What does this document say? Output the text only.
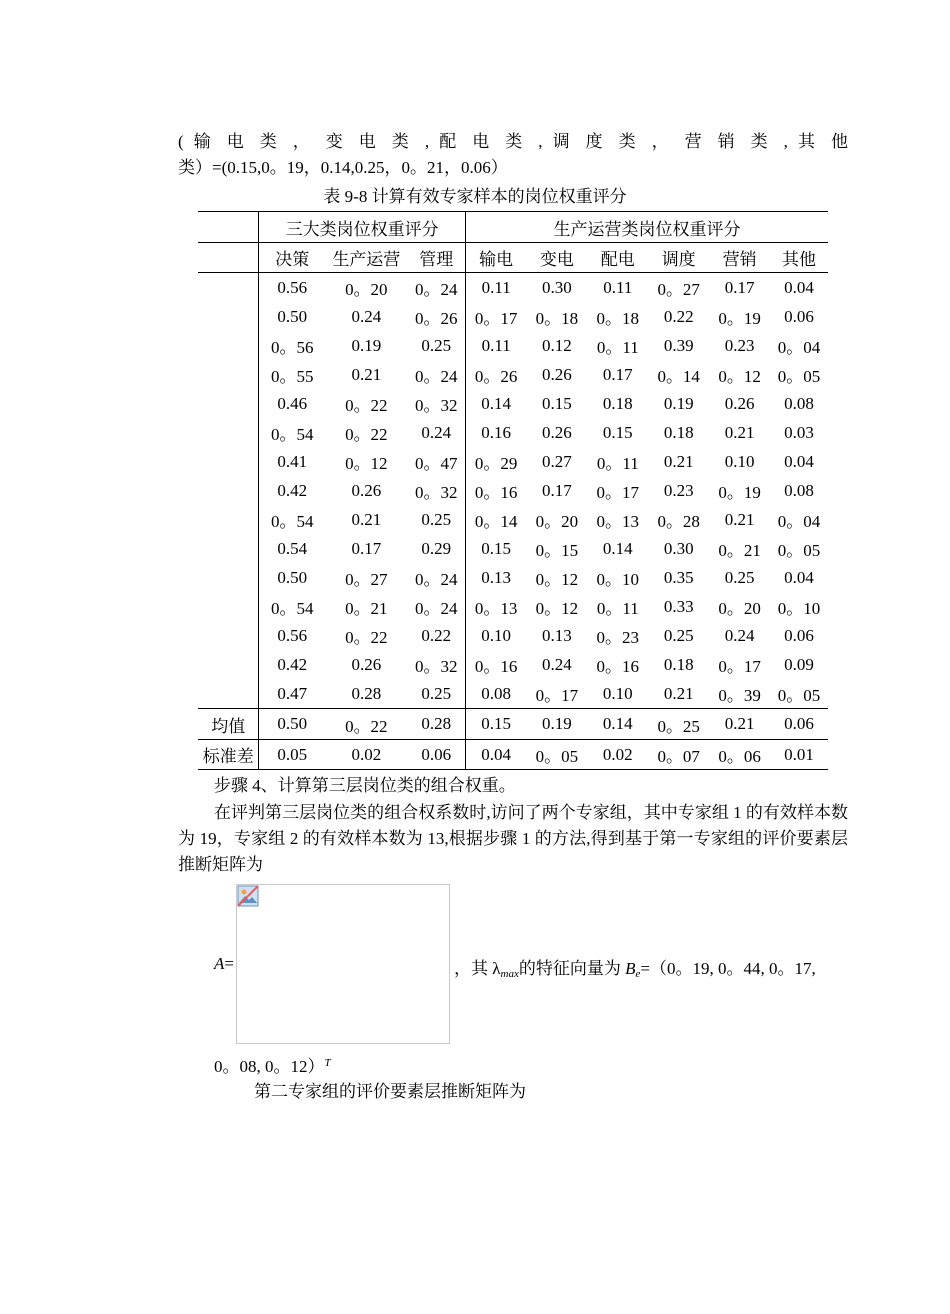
( 输 电 类 ， 变 电 类 , 配 电 类 , 调 度 类 ， 营 销 类 , 其 他
类）=(0.15,0。19，0.14,0.25，0。21，0.06）
表 9-8 计算有效专家样本的岗位权重评分
	三大类岗位权重评分			生产运营类岗位权重评分					
	决策	生产运营	管理	输电	变电	配电	调度	营销	其他
	0.56	0。20	0。24	0.11	0.30	0.11	0。27	0.17	0.04
	0.50	0.24	0。26	0。17	0。18	0。18	0.22	0。19	0.06
	0。56	0.19	0.25	0.11	0.12	0。11	0.39	0.23	0。04
	0。55	0.21	0。24	0。26	0.26	0.17	0。14	0。12	0。05
	0.46	0。22	0。32	0.14	0.15	0.18	0.19	0.26	0.08
	0。54	0。22	0.24	0.16	0.26	0.15	0.18	0.21	0.03
	0.41	0。12	0。47	0。29	0.27	0。11	0.21	0.10	0.04
	0.42	0.26	0。32	0。16	0.17	0。17	0.23	0。19	0.08
	0。54	0.21	0.25	0。14	0。20	0。13	0。28	0.21	0。04
	0.54	0.17	0.29	0.15	0。15	0.14	0.30	0。21	0。05
	0.50	0。27	0。24	0.13	0。12	0。10	0.35	0.25	0.04
	0。54	0。21	0。24	0。13	0。12	0。11	0.33	0。20	0。10
	0.56	0。22	0.22	0.10	0.13	0。23	0.25	0.24	0.06
	0.42	0.26	0。32	0。16	0.24	0。16	0.18	0。17	0.09
	0.47	0.28	0.25	0.08	0。17	0.10	0.21	0。39	0。05
均值	0.50	0。22	0.28	0.15	0.19	0.14	0。25	0.21	0.06
标准差	0.05	0.02	0.06	0.04	0。05	0.02	0。07	0。06	0.01
步骤 4、计算第三层岗位类的组合权重。
在评判第三层岗位类的组合权系数时,访问了两个专家组，其中专家组 1 的有效样本数为 19，专家组 2 的有效样本数为 13,根据步骤 1 的方法,得到基于第一专家组的评价要素层推断矩阵为
A=	，其 $\lambda_{max}$的特征向量为 $B_e=(0$。19, 0。44, 0。17,
0。08, 0。12）$^T$
第二专家组的评价要素层推断矩阵为
